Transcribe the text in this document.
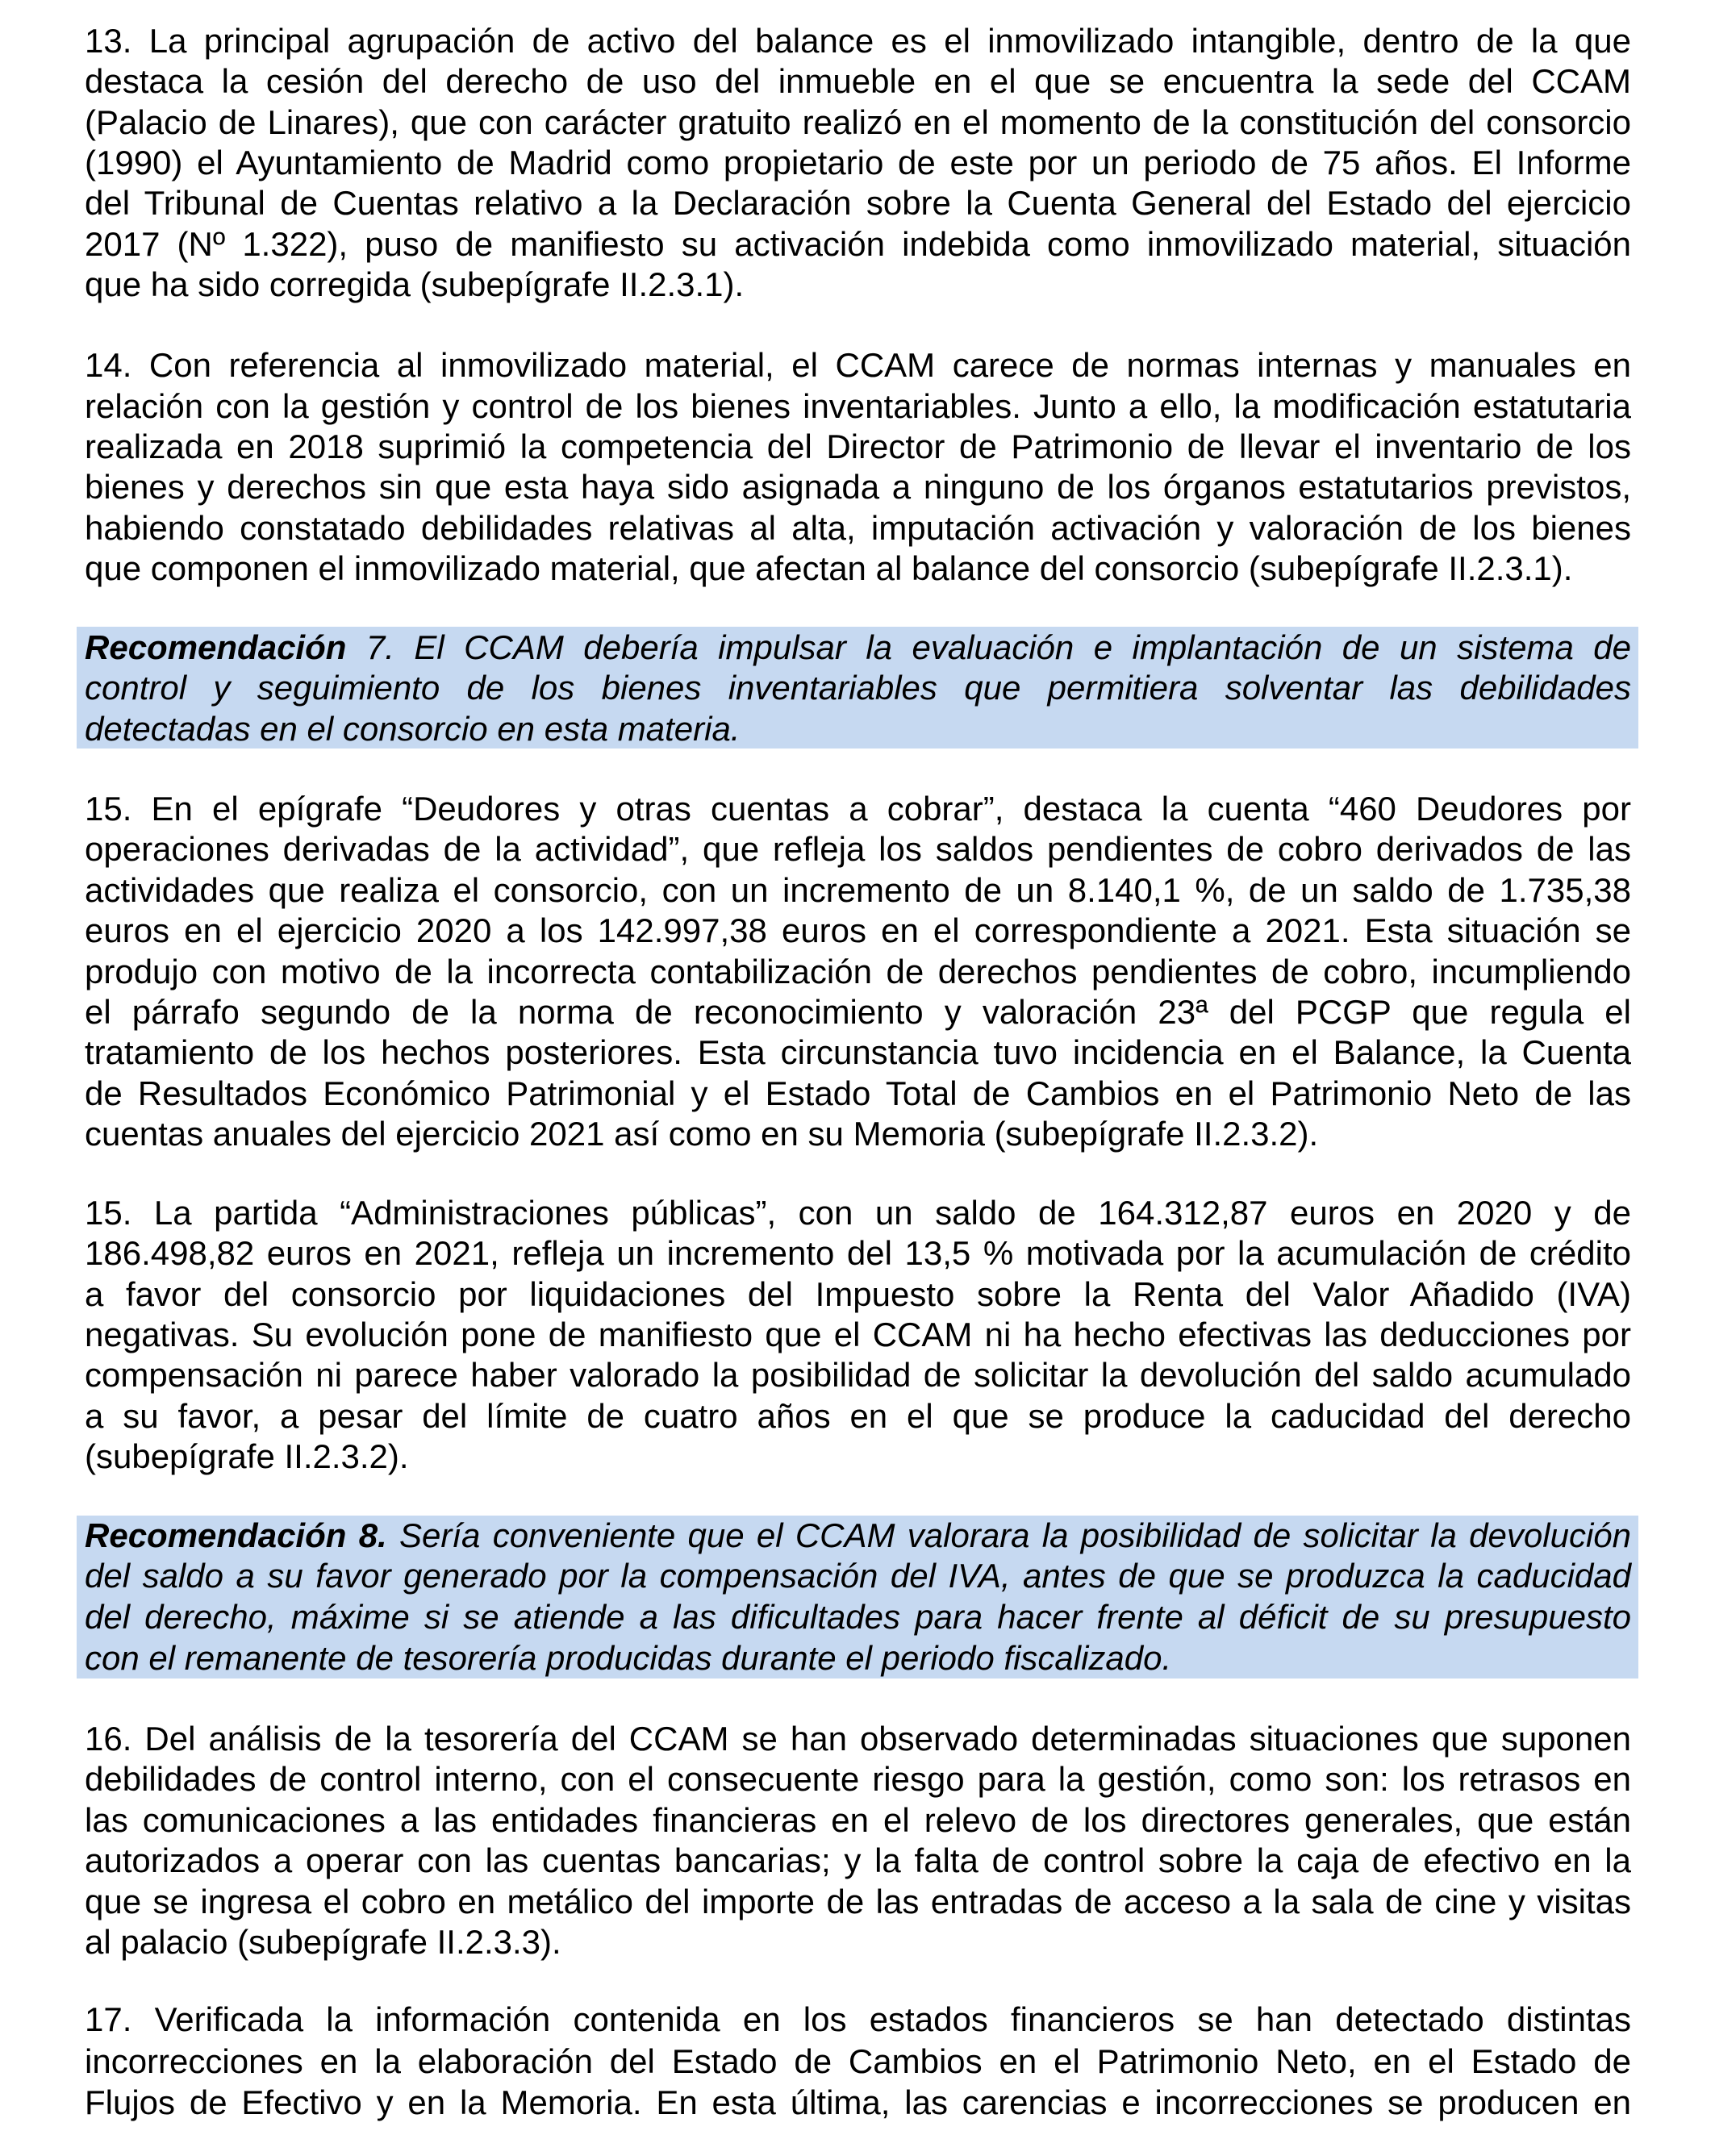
13. La principal agrupación de activo del balance es el inmovilizado intangible, dentro de la que
destaca la cesión del derecho de uso del inmueble en el que se encuentra la sede del CCAM
(Palacio de Linares), que con carácter gratuito realizó en el momento de la constitución del consorcio
(1990) el Ayuntamiento de Madrid como propietario de este por un periodo de 75 años. El Informe
del Tribunal de Cuentas relativo a la Declaración sobre la Cuenta General del Estado del ejercicio
2017 (Nº 1.322), puso de manifiesto su activación indebida como inmovilizado material, situación
que ha sido corregida (subepígrafe II.2.3.1).
14. Con referencia al inmovilizado material, el CCAM carece de normas internas y manuales en
relación con la gestión y control de los bienes inventariables. Junto a ello, la modificación estatutaria
realizada en 2018 suprimió la competencia del Director de Patrimonio de llevar el inventario de los
bienes y derechos sin que esta haya sido asignada a ninguno de los órganos estatutarios previstos,
habiendo constatado debilidades relativas al alta, imputación activación y valoración de los bienes
que componen el inmovilizado material, que afectan al balance del consorcio (subepígrafe II.2.3.1).
Recomendación 7. El CCAM debería impulsar la evaluación e implantación de un sistema de
control y seguimiento de los bienes inventariables que permitiera solventar las debilidades
detectadas en el consorcio en esta materia.
15. En el epígrafe “Deudores y otras cuentas a cobrar”, destaca la cuenta “460 Deudores por
operaciones derivadas de la actividad”, que refleja los saldos pendientes de cobro derivados de las
actividades que realiza el consorcio, con un incremento de un 8.140,1 %, de un saldo de 1.735,38
euros en el ejercicio 2020 a los 142.997,38 euros en el correspondiente a 2021. Esta situación se
produjo con motivo de la incorrecta contabilización de derechos pendientes de cobro, incumpliendo
el párrafo segundo de la norma de reconocimiento y valoración 23ª del PCGP que regula el
tratamiento de los hechos posteriores. Esta circunstancia tuvo incidencia en el Balance, la Cuenta
de Resultados Económico Patrimonial y el Estado Total de Cambios en el Patrimonio Neto de las
cuentas anuales del ejercicio 2021 así como en su Memoria (subepígrafe II.2.3.2).
15. La partida “Administraciones públicas”, con un saldo de 164.312,87 euros en 2020 y de
186.498,82 euros en 2021, refleja un incremento del 13,5 % motivada por la acumulación de crédito
a favor del consorcio por liquidaciones del Impuesto sobre la Renta del Valor Añadido (IVA)
negativas. Su evolución pone de manifiesto que el CCAM ni ha hecho efectivas las deducciones por
compensación ni parece haber valorado la posibilidad de solicitar la devolución del saldo acumulado
a su favor, a pesar del límite de cuatro años en el que se produce la caducidad del derecho
(subepígrafe II.2.3.2).
Recomendación 8. Sería conveniente que el CCAM valorara la posibilidad de solicitar la devolución
del saldo a su favor generado por la compensación del IVA, antes de que se produzca la caducidad
del derecho, máxime si se atiende a las dificultades para hacer frente al déficit de su presupuesto
con el remanente de tesorería producidas durante el periodo fiscalizado.
16. Del análisis de la tesorería del CCAM se han observado determinadas situaciones que suponen
debilidades de control interno, con el consecuente riesgo para la gestión, como son: los retrasos en
las comunicaciones a las entidades financieras en el relevo de los directores generales, que están
autorizados a operar con las cuentas bancarias; y la falta de control sobre la caja de efectivo en la
que se ingresa el cobro en metálico del importe de las entradas de acceso a la sala de cine y visitas
al palacio (subepígrafe II.2.3.3).
17. Verificada la información contenida en los estados financieros se han detectado distintas
incorrecciones en la elaboración del Estado de Cambios en el Patrimonio Neto, en el Estado de
Flujos de Efectivo y en la Memoria. En esta última, las carencias e incorrecciones se producen en
